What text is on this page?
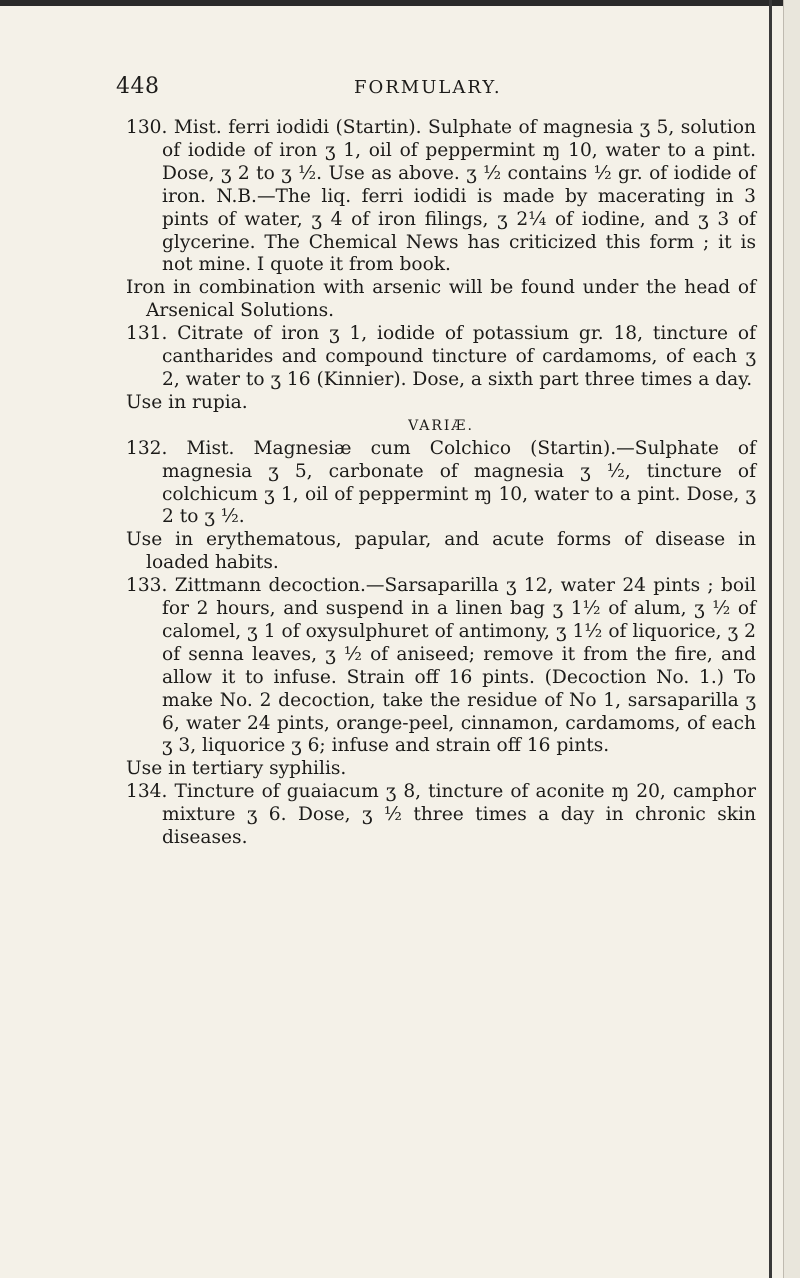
448	FORMULARY.

130. Mist. ferri iodidi (Startin). Sulphate of magnesia ʒ 5, solution of iodide of iron ʒ 1, oil of peppermint ɱ 10, water to a pint. Dose, ʒ 2 to ʒ ½. Use as above. ʒ ½ contains ½ gr. of iodide of iron. N.B.—The liq. ferri iodidi is made by macerating in 3 pints of water, ʒ 4 of iron filings, ʒ 2¼ of iodine, and ʒ 3 of glycerine. The Chemical News has criticized this form ; it is not mine. I quote it from book.

Iron in combination with arsenic will be found under the head of Arsenical Solutions.

131. Citrate of iron ʒ 1, iodide of potassium gr. 18, tincture of cantharides and compound tincture of cardamoms, of each ʒ 2, water to ʒ 16 (Kinnier). Dose, a sixth part three times a day.

Use in rupia.

VARIÆ.

132. Mist. Magnesiæ cum Colchico (Startin).—Sulphate of magnesia ʒ 5, carbonate of magnesia ʒ ½, tincture of colchicum ʒ 1, oil of peppermint ɱ 10, water to a pint. Dose, ʒ 2 to ʒ ½.

Use in erythematous, papular, and acute forms of disease in loaded habits.

133. Zittmann decoction.—Sarsaparilla ʒ 12, water 24 pints ; boil for 2 hours, and suspend in a linen bag ʒ 1½ of alum, ʒ ½ of calomel, ʒ 1 of oxysulphuret of antimony, ʒ 1½ of liquorice, ʒ 2 of senna leaves, ʒ ½ of aniseed; remove it from the fire, and allow it to infuse. Strain off 16 pints. (Decoction No. 1.) To make No. 2 decoction, take the residue of No 1, sarsaparilla ʒ 6, water 24 pints, orange-peel, cinnamon, cardamoms, of each ʒ 3, liquorice ʒ 6; infuse and strain off 16 pints.

Use in tertiary syphilis.

134. Tincture of guaiacum ʒ 8, tincture of aconite ɱ 20, camphor mixture ʒ 6. Dose, ʒ ½ three times a day in chronic skin diseases.
